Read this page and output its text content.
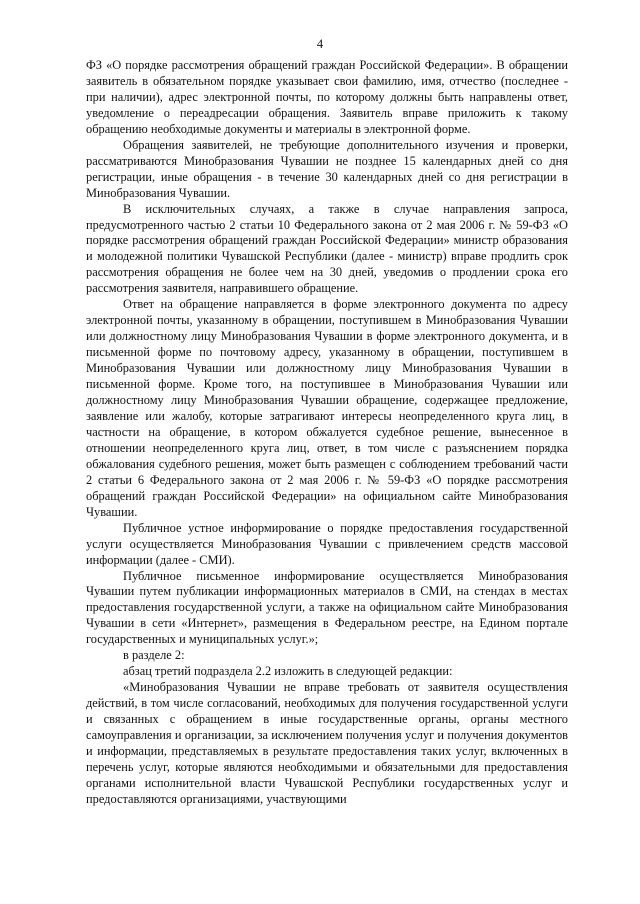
4

ФЗ «О порядке рассмотрения обращений граждан Российской Федерации». В обращении заявитель в обязательном порядке указывает свои фамилию, имя, отчество (последнее - при наличии), адрес электронной почты, по которому должны быть направлены ответ, уведомление о переадресации обращения. Заявитель вправе приложить к такому обращению необходимые документы и материалы в электронной форме.

Обращения заявителей, не требующие дополнительного изучения и проверки, рассматриваются Минобразования Чувашии не позднее 15 календарных дней со дня регистрации, иные обращения - в течение 30 календарных дней со дня регистрации в Минобразования Чувашии.

В исключительных случаях, а также в случае направления запроса, предусмотренного частью 2 статьи 10 Федерального закона от 2 мая 2006 г. № 59-ФЗ «О порядке рассмотрения обращений граждан Российской Федерации» министр образования и молодежной политики Чувашской Республики (далее - министр) вправе продлить срок рассмотрения обращения не более чем на 30 дней, уведомив о продлении срока его рассмотрения заявителя, направившего обращение.

Ответ на обращение направляется в форме электронного документа по адресу электронной почты, указанному в обращении, поступившем в Минобразования Чувашии или должностному лицу Минобразования Чувашии в форме электронного документа, и в письменной форме по почтовому адресу, указанному в обращении, поступившем в Минобразования Чувашии или должностному лицу Минобразования Чувашии в письменной форме. Кроме того, на поступившее в Минобразования Чувашии или должностному лицу Минобразования Чувашии обращение, содержащее предложение, заявление или жалобу, которые затрагивают интересы неопределенного круга лиц, в частности на обращение, в котором обжалуется судебное решение, вынесенное в отношении неопределенного круга лиц, ответ, в том числе с разъяснением порядка обжалования судебного решения, может быть размещен с соблюдением требований части 2 статьи 6 Федерального закона от 2 мая 2006 г. № 59-ФЗ «О порядке рассмотрения обращений граждан Российской Федерации» на официальном сайте Минобразования Чувашии.

Публичное устное информирование о порядке предоставления государственной услуги осуществляется Минобразования Чувашии с привлечением средств массовой информации (далее - СМИ).

Публичное письменное информирование осуществляется Минобразования Чувашии путем публикации информационных материалов в СМИ, на стендах в местах предоставления государственной услуги, а также на официальном сайте Минобразования Чувашии в сети «Интернет», размещения в Федеральном реестре, на Едином портале государственных и муниципальных услуг.»;

в разделе 2:

абзац третий подраздела 2.2 изложить в следующей редакции:

«Минобразования Чувашии не вправе требовать от заявителя осуществления действий, в том числе согласований, необходимых для получения государственной услуги и связанных с обращением в иные государственные органы, органы местного самоуправления и организации, за исключением получения услуг и получения документов и информации, представляемых в результате предоставления таких услуг, включенных в перечень услуг, которые являются необходимыми и обязательными для предоставления органами исполнительной власти Чувашской Республики государственных услуг и предоставляются организациями, участвующими
